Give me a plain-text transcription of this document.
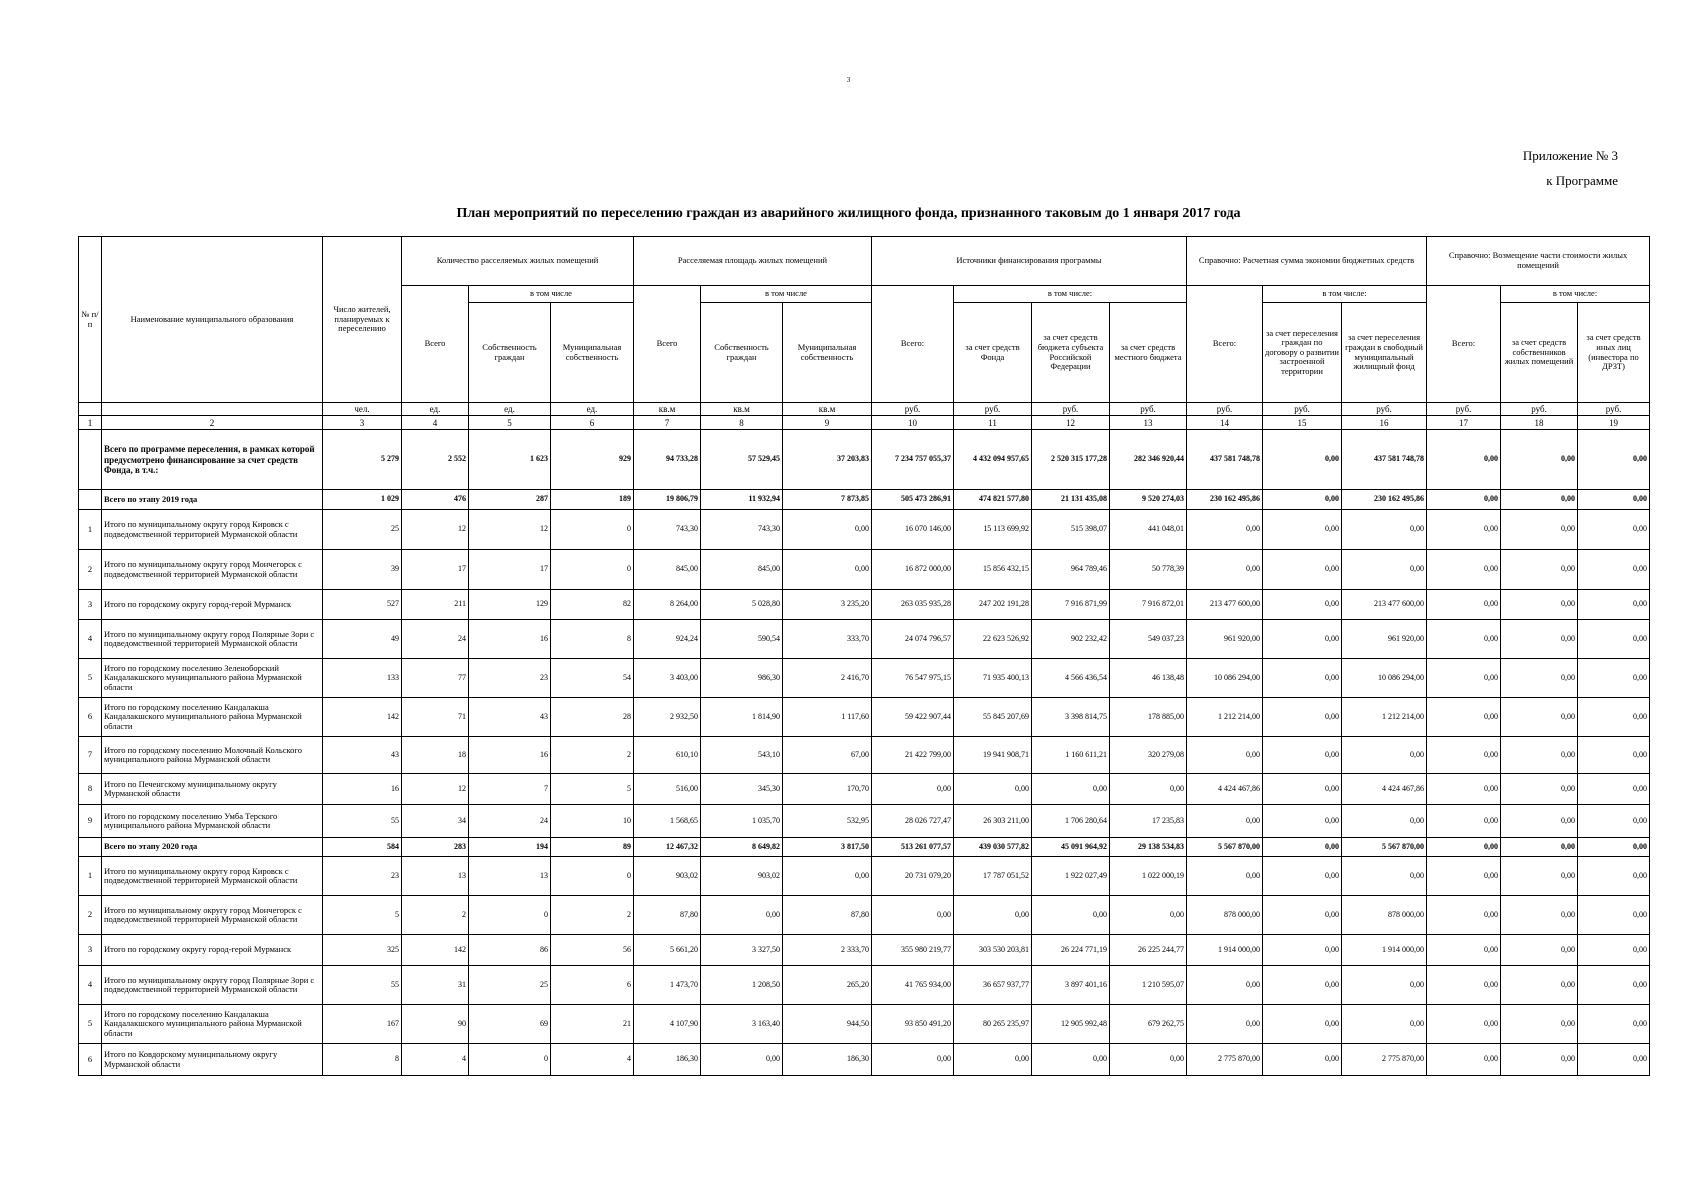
3
Приложение № 3
к Программе
План мероприятий по переселению граждан из аварийного жилищного фонда, признанного таковым до 1 января 2017 года
№ п/п	Наименование муниципального образования	Число жителей, планируемых к переселению	Количество расселяемых жилых помещений			Расселяемая площадь жилых помещений			Источники финансирования программы				Справочно: Расчетная сумма экономии бюджетных средств			Справочно: Возмещение части стоимости жилых помещений		
			Всего	в том числе		Всего	в том числе		Всего:	в том числе:			Всего:	в том числе:		Всего:	в том числе:	
				Собственность граждан	Муниципальная собственность		Собственность граждан	Муниципальная собственность		за счет средств Фонда	за счет средств бюджета субъекта Российской Федерации	за счет средств местного бюджета		за счет переселения граждан по договору о развитии застроенной территории	за счет переселения граждан в свободный муниципальный жилищный фонд		за счет средств собственников жилых помещений	за счет средств иных лиц (инвестора по ДРЗТ)
		чел.	ед.	ед.	ед.	кв.м	кв.м	кв.м	руб.	руб.	руб.	руб.	руб.	руб.	руб.	руб.	руб.	руб.
1	2	3	4	5	6	7	8	9	10	11	12	13	14	15	16	17	18	19
	Всего по программе переселения, в рамках которой предусмотрено финансирование за счет средств Фонда, в т.ч.:	5 279	2 552	1 623	929	94 733,28	57 529,45	37 203,83	7 234 757 055,37	4 432 094 957,65	2 520 315 177,28	282 346 920,44	437 581 748,78	0,00	437 581 748,78	0,00	0,00	0,00
	Всего по этапу 2019 года	1 029	476	287	189	19 806,79	11 932,94	7 873,85	505 473 286,91	474 821 577,80	21 131 435,08	9 520 274,03	230 162 495,86	0,00	230 162 495,86	0,00	0,00	0,00
1	Итого по муниципальному округу город Кировск с подведомственной территорией Мурманской области	25	12	12	0	743,30	743,30	0,00	16 070 146,00	15 113 699,92	515 398,07	441 048,01	0,00	0,00	0,00	0,00	0,00	0,00
2	Итого по муниципальному округу город Мончегорск с подведомственной территорией Мурманской области	39	17	17	0	845,00	845,00	0,00	16 872 000,00	15 856 432,15	964 789,46	50 778,39	0,00	0,00	0,00	0,00	0,00	0,00
3	Итого по городскому округу город-герой Мурманск	527	211	129	82	8 264,00	5 028,80	3 235,20	263 035 935,28	247 202 191,28	7 916 871,99	7 916 872,01	213 477 600,00	0,00	213 477 600,00	0,00	0,00	0,00
4	Итого по муниципальному округу город Полярные Зори с подведомственной территорией Мурманской области	49	24	16	8	924,24	590,54	333,70	24 074 796,57	22 623 526,92	902 232,42	549 037,23	961 920,00	0,00	961 920,00	0,00	0,00	0,00
5	Итого по городскому поселению Зеленоборский Кандалакшского муниципального района Мурманской области	133	77	23	54	3 403,00	986,30	2 416,70	76 547 975,15	71 935 400,13	4 566 436,54	46 138,48	10 086 294,00	0,00	10 086 294,00	0,00	0,00	0,00
6	Итого по городскому поселению Кандалакша Кандалакшского муниципального района Мурманской области	142	71	43	28	2 932,50	1 814,90	1 117,60	59 422 907,44	55 845 207,69	3 398 814,75	178 885,00	1 212 214,00	0,00	1 212 214,00	0,00	0,00	0,00
7	Итого по городскому поселению Молочный Кольского муниципального района Мурманской области	43	18	16	2	610,10	543,10	67,00	21 422 799,00	19 941 908,71	1 160 611,21	320 279,08	0,00	0,00	0,00	0,00	0,00	0,00
8	Итого по Печенгскому муниципальному округу Мурманской области	16	12	7	5	516,00	345,30	170,70	0,00	0,00	0,00	0,00	4 424 467,86	0,00	4 424 467,86	0,00	0,00	0,00
9	Итого по городскому поселению Умба Терского муниципального района Мурманской области	55	34	24	10	1 568,65	1 035,70	532,95	28 026 727,47	26 303 211,00	1 706 280,64	17 235,83	0,00	0,00	0,00	0,00	0,00	0,00
	Всего по этапу 2020 года	584	283	194	89	12 467,32	8 649,82	3 817,50	513 261 077,57	439 030 577,82	45 091 964,92	29 138 534,83	5 567 870,00	0,00	5 567 870,00	0,00	0,00	0,00
1	Итого по муниципальному округу город Кировск с подведомственной территорией Мурманской области	23	13	13	0	903,02	903,02	0,00	20 731 079,20	17 787 051,52	1 922 027,49	1 022 000,19	0,00	0,00	0,00	0,00	0,00	0,00
2	Итого по муниципальному округу город Мончегорск с подведомственной территорией Мурманской области	5	2	0	2	87,80	0,00	87,80	0,00	0,00	0,00	0,00	878 000,00	0,00	878 000,00	0,00	0,00	0,00
3	Итого по городскому округу город-герой Мурманск	325	142	86	56	5 661,20	3 327,50	2 333,70	355 980 219,77	303 530 203,81	26 224 771,19	26 225 244,77	1 914 000,00	0,00	1 914 000,00	0,00	0,00	0,00
4	Итого по муниципальному округу город Полярные Зори с подведомственной территорией Мурманской области	55	31	25	6	1 473,70	1 208,50	265,20	41 765 934,00	36 657 937,77	3 897 401,16	1 210 595,07	0,00	0,00	0,00	0,00	0,00	0,00
5	Итого по городскому поселению Кандалакша Кандалакшского муниципального района Мурманской области	167	90	69	21	4 107,90	3 163,40	944,50	93 850 491,20	80 265 235,97	12 905 992,48	679 262,75	0,00	0,00	0,00	0,00	0,00	0,00
6	Итого по Ковдорскому муниципальному округу Мурманской области	8	4	0	4	186,30	0,00	186,30	0,00	0,00	0,00	0,00	2 775 870,00	0,00	2 775 870,00	0,00	0,00	0,00
